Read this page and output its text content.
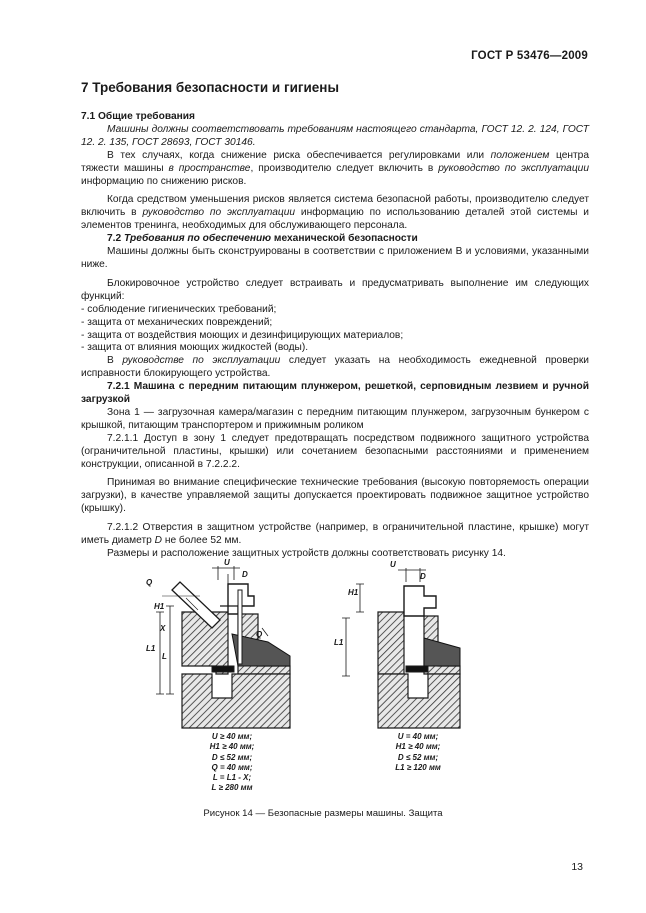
ГОСТ Р 53476—2009
7 Требования безопасности и гигиены

7.1 Общие требования

Машины должны соответствовать требованиям настоящего стандарта, ГОСТ 12. 2. 124, ГОСТ 12. 2. 135, ГОСТ 28693, ГОСТ 30146.

В тех случаях, когда снижение риска обеспечивается регулировками или положением центра тяжести машины в пространстве, производителю следует включить в руководство по эксплуатации информацию по снижению рисков.

Когда средством уменьшения рисков является система безопасной работы, производителю следует включить в руководство по эксплуатации информацию по использованию деталей этой системы и элементов тренинга, необходимых для обслуживающего персонала.

7.2 Требования по обеспечению механической безопасности

Машины должны быть сконструированы в соответствии с приложением В и условиями, указанными ниже.

Блокировочное устройство следует встраивать и предусматривать выполнение им следующих функций:

- соблюдение гигиенических требований;

- защита от механических повреждений;

- защита от воздействия моющих и дезинфицирующих материалов;

- защита от влияния моющих жидкостей (воды).

В руководстве по эксплуатации следует указать на необходимость ежедневной проверки исправности блокирующего устройства.

7.2.1 Машина с передним питающим плунжером, решеткой, серповидным лезвием и ручной загрузкой

Зона 1 — загрузочная камера/магазин с передним питающим плунжером, загрузочным бункером с крышкой, питающим транспортером и прижимным роликом

7.2.1.1 Доступ в зону 1 следует предотвращать посредством подвижного защитного устройства (ограничительной пластины, крышки) или сочетанием безопасными расстояниями и применением конструкции, описанной в 7.2.2.2.

Принимая во внимание специфические технические требования (высокую повторяемость операции загрузки), в качестве управляемой защиты допускается проектировать подвижное защитное устройство (крышку).

7.2.1.2 Отверстия в защитном устройстве (например, в ограничительной пластине, крышке) могут иметь диаметр D не более 52 мм.

Размеры и расположение защитных устройств должны соответствовать рисунку 14.

U
D
Q
H1
X
L1
L
Q
U
D
H1
L1
U ≥ 40 мм;
H1 ≥ 40 мм;
D ≤ 52 мм;
Q = 40 мм;
L = L1 - X;
L ≥ 280 мм
U = 40 мм;
H1 ≥ 40 мм;
D ≤ 52 мм;
L1 ≥ 120 мм
Рисунок 14 — Безопасные размеры машины. Защита
13
